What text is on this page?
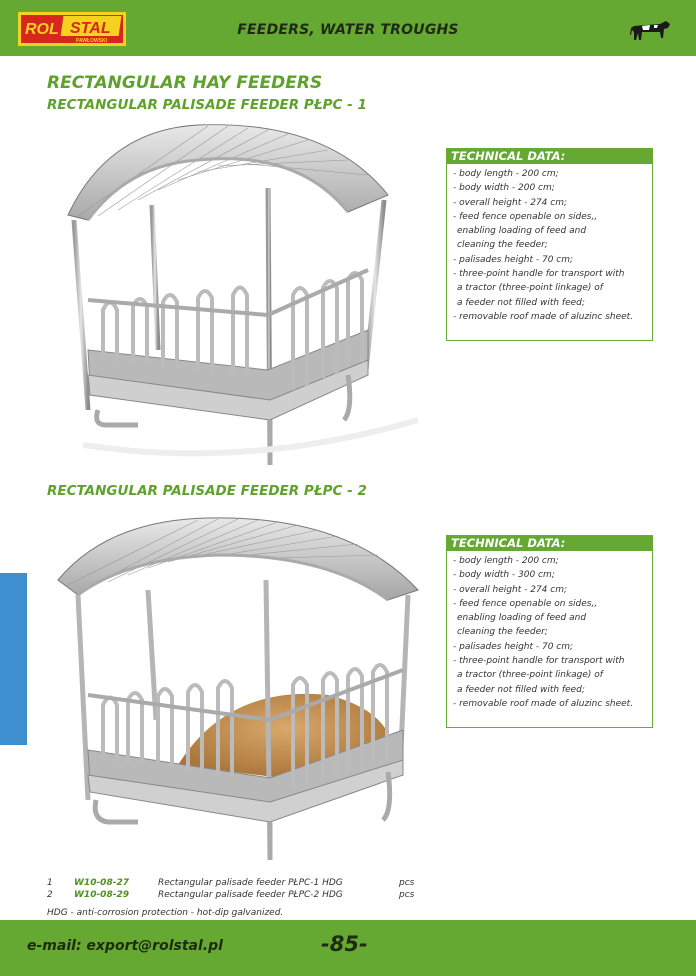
ROL STAL
PAWŁOWSKI
FEEDERS, WATER TROUGHS
RECTANGULAR HAY FEEDERS
RECTANGULAR PALISADE FEEDER PŁPC - 1
TECHNICAL DATA:
- body length - 200 cm;
- body width - 200 cm;
- overall height - 274 cm;
- feed fence openable on sides,,
enabling loading of feed and
cleaning the feeder;
- palisades height - 70 cm;
- three-point handle for transport with
a tractor (three-point linkage) of
a feeder not filled with feed;
- removable roof made of aluzinc sheet.
RECTANGULAR PALISADE FEEDER PŁPC - 2
TECHNICAL DATA:
- body length - 200 cm;
- body width - 300 cm;
- overall height - 274 cm;
- feed fence openable on sides,,
enabling loading of feed and
cleaning the feeder;
- palisades height - 70 cm;
- three-point handle for transport with
a tractor (three-point linkage) of
a feeder not filled with feed;
- removable roof made of aluzinc sheet.
1 W10-08-27	Rectangular palisade feeder PŁPC-1 HDG	pcs
2 W10-08-29	Rectangular palisade feeder PŁPC-2 HDG	pcs
HDG - anti-corrosion protection - hot-dip galvanized.
e-mail: export@rolstal.pl	-85-
